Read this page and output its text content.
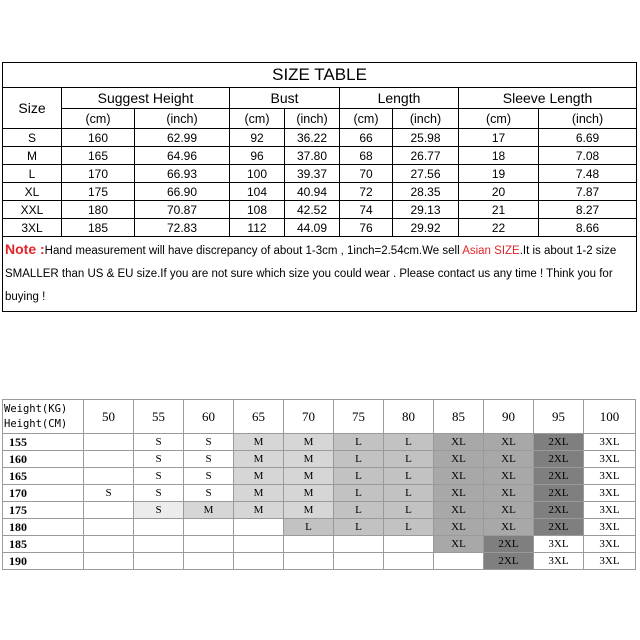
SIZE TABLE								
Size	Suggest Height		Bust		Length		Sleeve Length	
	(cm)	(inch)	(cm)	(inch)	(cm)	(inch)	(cm)	(inch)
S	160	62.99	92	36.22	66	25.98	17	6.69
M	165	64.96	96	37.80	68	26.77	18	7.08
L	170	66.93	100	39.37	70	27.56	19	7.48
XL	175	66.90	104	40.94	72	28.35	20	7.87
XXL	180	70.87	108	42.52	74	29.13	21	8.27
3XL	185	72.83	112	44.09	76	29.92	22	8.66
Note :Hand measurement will have discrepancy of about 1-3cm , 1inch=2.54cm.We sell Asian SIZE.It is about 1-2 size SMALLER than US & EU size.If you are not sure which size you could wear . Please contact us any time ! Think you for buying !								
Weight(KG)
Height(CM)	50	55	60	65	70	75	80	85	90	95	100
155		S	S	M	M	L	L	XL	XL	2XL	3XL
160		S	S	M	M	L	L	XL	XL	2XL	3XL
165		S	S	M	M	L	L	XL	XL	2XL	3XL
170	S	S	S	M	M	L	L	XL	XL	2XL	3XL
175		S	M	M	M	L	L	XL	XL	2XL	3XL
180					L	L	L	XL	XL	2XL	3XL
185								XL	2XL	3XL	3XL
190									2XL	3XL	3XL
